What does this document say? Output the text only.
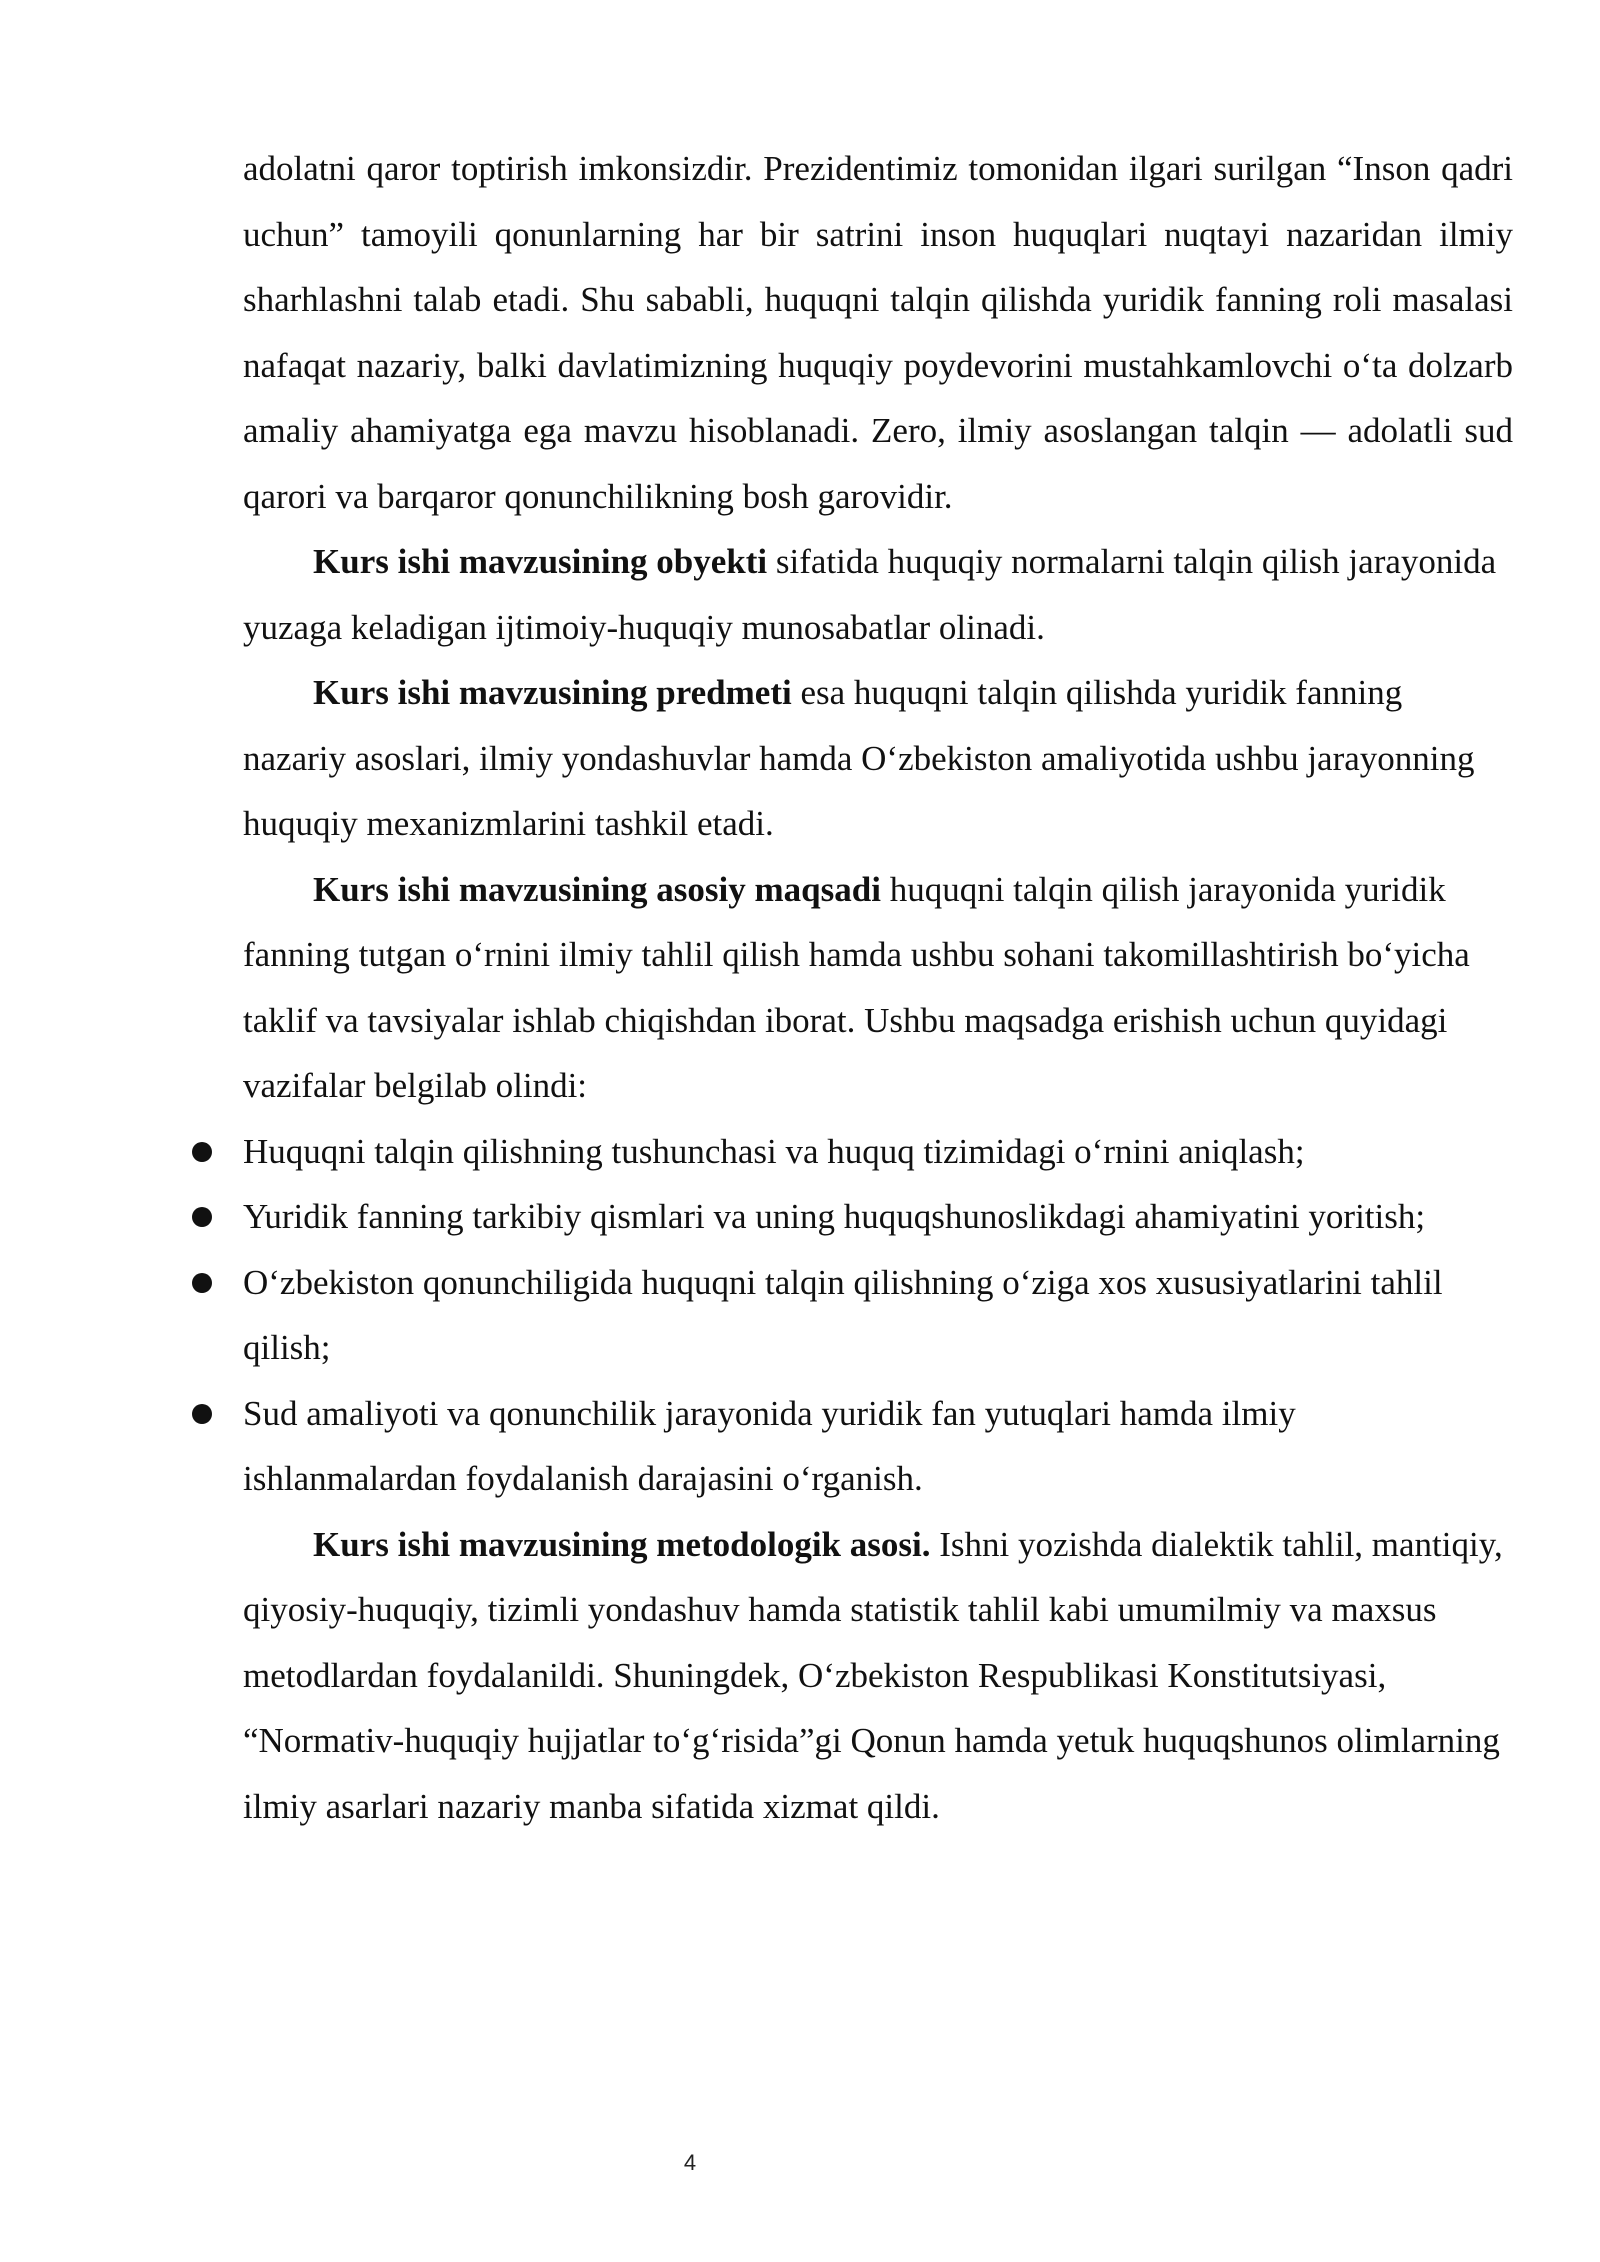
adolatni qaror toptirish imkonsizdir. Prezidentimiz tomonidan ilgari surilgan “Inson qadri uchun” tamoyili qonunlarning har bir satrini inson huquqlari nuqtayi nazaridan ilmiy sharhlashni talab etadi. Shu sababli, huquqni talqin qilishda yuridik fanning roli masalasi nafaqat nazariy, balki davlatimizning huquqiy poydevorini mustahkamlovchi o‘ta dolzarb amaliy ahamiyatga ega mavzu hisoblanadi. Zero, ilmiy asoslangan talqin — adolatli sud qarori va barqaror qonunchilikning bosh garovidir.

Kurs ishi mavzusining obyekti sifatida huquqiy normalarni talqin qilish jarayonida yuzaga keladigan ijtimoiy-huquqiy munosabatlar olinadi.

Kurs ishi mavzusining predmeti esa huquqni talqin qilishda yuridik fanning nazariy asoslari, ilmiy yondashuvlar hamda O‘zbekiston amaliyotida ushbu jarayonning huquqiy mexanizmlarini tashkil etadi.

Kurs ishi mavzusining asosiy maqsadi huquqni talqin qilish jarayonida yuridik fanning tutgan o‘rnini ilmiy tahlil qilish hamda ushbu sohani takomillashtirish bo‘yicha taklif va tavsiyalar ishlab chiqishdan iborat. Ushbu maqsadga erishish uchun quyidagi vazifalar belgilab olindi:

Huquqni talqin qilishning tushunchasi va huquq tizimidagi o‘rnini aniqlash;
Yuridik fanning tarkibiy qismlari va uning huquqshunoslikdagi ahamiyatini yoritish;
O‘zbekiston qonunchiligida huquqni talqin qilishning o‘ziga xos xususiyatlarini tahlil qilish;
Sud amaliyoti va qonunchilik jarayonida yuridik fan yutuqlari hamda ilmiy ishlanmalardan foydalanish darajasini o‘rganish.

Kurs ishi mavzusining metodologik asosi. Ishni yozishda dialektik tahlil, mantiqiy, qiyosiy-huquqiy, tizimli yondashuv hamda statistik tahlil kabi umumilmiy va maxsus metodlardan foydalanildi. Shuningdek, O‘zbekiston Respublikasi Konstitutsiyasi, “Normativ-huquqiy hujjatlar to‘g‘risida”gi Qonun hamda yetuk huquqshunos olimlarning ilmiy asarlari nazariy manba sifatida xizmat qildi.

4
